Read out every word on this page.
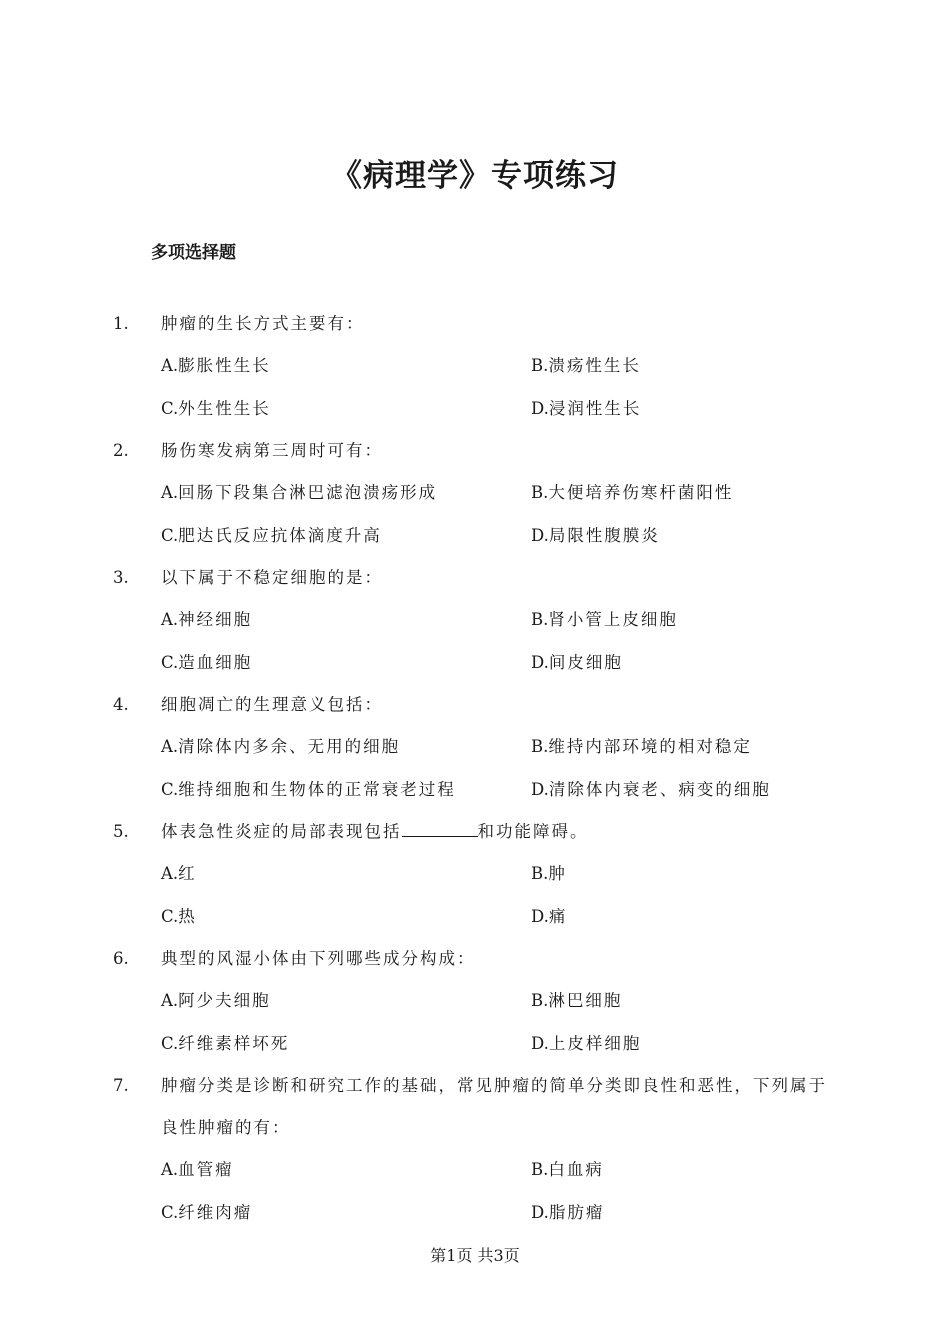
《病理学》专项练习
多项选择题
1. 肿瘤的生长方式主要有：
A.膨胀性生长	B.溃疡性生长
C.外生性生长	D.浸润性生长
2. 肠伤寒发病第三周时可有：
A.回肠下段集合淋巴滤泡溃疡形成	B.大便培养伤寒杆菌阳性
C.肥达氏反应抗体滴度升高	D.局限性腹膜炎
3. 以下属于不稳定细胞的是：
A.神经细胞	B.肾小管上皮细胞
C.造血细胞	D.间皮细胞
4. 细胞凋亡的生理意义包括：
A.清除体内多余、无用的细胞	B.维持内部环境的相对稳定
C.维持细胞和生物体的正常衰老过程	D.清除体内衰老、病变的细胞
5. 体表急性炎症的局部表现包括	和功能障碍。
A.红	B.肿
C.热	D.痛
6. 典型的风湿小体由下列哪些成分构成：
A.阿少夫细胞	B.淋巴细胞
C.纤维素样坏死	D.上皮样细胞
7. 肿瘤分类是诊断和研究工作的基础，常见肿瘤的简单分类即良性和恶性，下列属于
良性肿瘤的有：
A.血管瘤	B.白血病
C.纤维肉瘤	D.脂肪瘤
第1页 共3页
